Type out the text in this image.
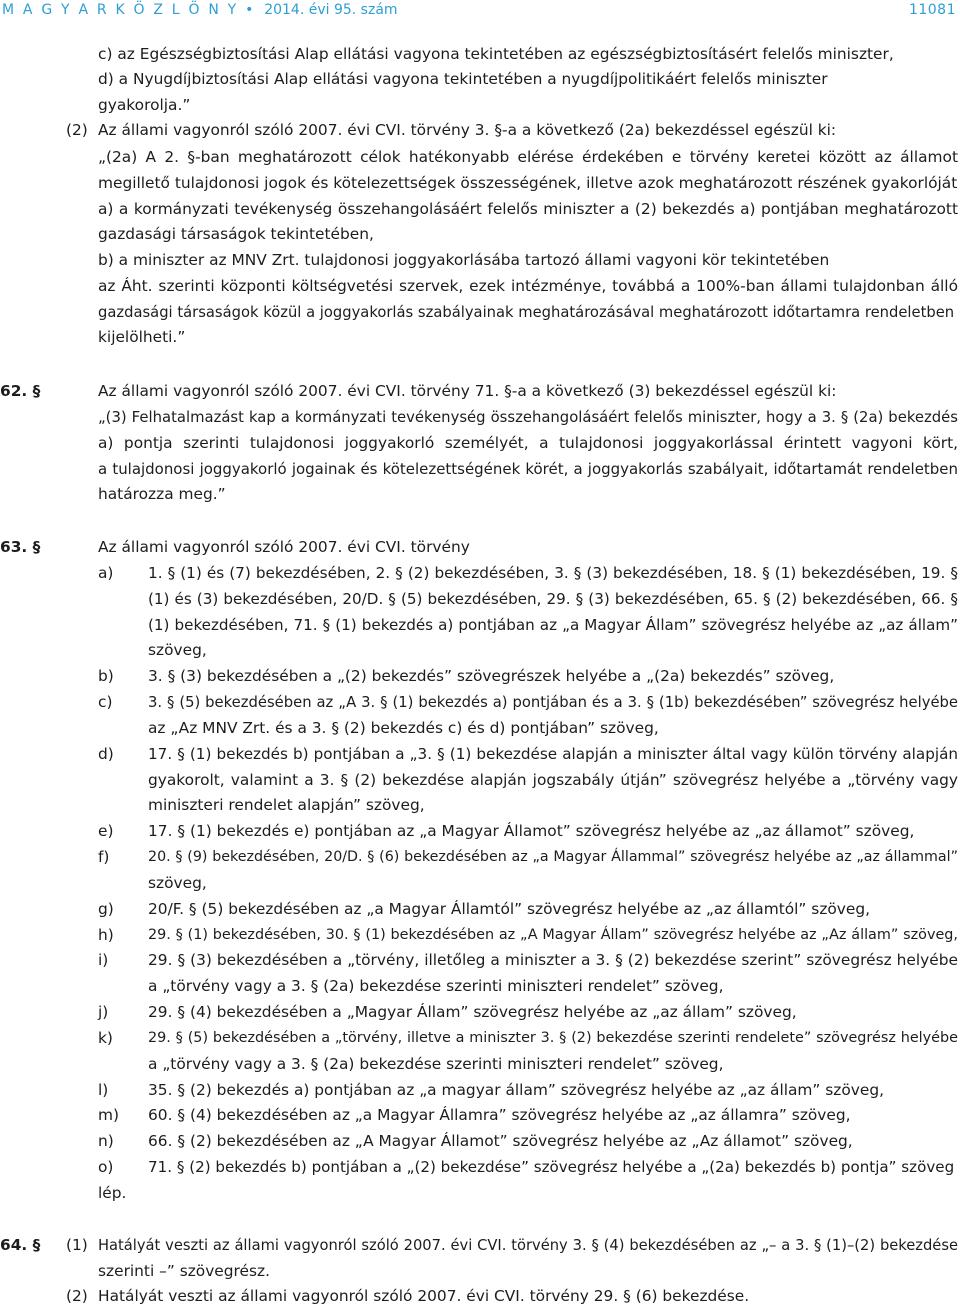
M A G Y A R K Ö Z L Ö N Y • 2014. évi 95. szám	11081
c) az Egészségbiztosítási Alap ellátási vagyona tekintetében az egészségbiztosításért felelős miniszter,
d) a Nyugdíjbiztosítási Alap ellátási vagyona tekintetében a nyugdíjpolitikáért felelős miniszter
gyakorolja.”
(2) Az állami vagyonról szóló 2007. évi CVI. törvény 3. §-a a következő (2a) bekezdéssel egészül ki:
„(2a) A 2. §-ban meghatározott célok hatékonyabb elérése érdekében e törvény keretei között az államot
megillető tulajdonosi jogok és kötelezettségek összességének, illetve azok meghatározott részének gyakorlóját
a) a kormányzati tevékenység összehangolásáért felelős miniszter a (2) bekezdés a) pontjában meghatározott
gazdasági társaságok tekintetében,
b) a miniszter az MNV Zrt. tulajdonosi joggyakorlásába tartozó állami vagyoni kör tekintetében
az Áht. szerinti központi költségvetési szervek, ezek intézménye, továbbá a 100%-ban állami tulajdonban álló
gazdasági társaságok közül a joggyakorlás szabályainak meghatározásával meghatározott időtartamra rendeletben
kijelölheti.”
62. §	Az állami vagyonról szóló 2007. évi CVI. törvény 71. §-a a következő (3) bekezdéssel egészül ki:
„(3) Felhatalmazást kap a kormányzati tevékenység összehangolásáért felelős miniszter, hogy a 3. § (2a) bekezdés
a) pontja szerinti tulajdonosi joggyakorló személyét, a tulajdonosi joggyakorlással érintett vagyoni kört,
a tulajdonosi joggyakorló jogainak és kötelezettségének körét, a joggyakorlás szabályait, időtartamát rendeletben
határozza meg.”
63. §	Az állami vagyonról szóló 2007. évi CVI. törvény
a)	1. § (1) és (7) bekezdésében, 2. § (2) bekezdésében, 3. § (3) bekezdésében, 18. § (1) bekezdésében, 19. §
(1) és (3) bekezdésében, 20/D. § (5) bekezdésében, 29. § (3) bekezdésében, 65. § (2) bekezdésében, 66. §
(1) bekezdésében, 71. § (1) bekezdés a) pontjában az „a Magyar Állam” szövegrész helyébe az „az állam”
szöveg,
b)	3. § (3) bekezdésében a „(2) bekezdés” szövegrészek helyébe a „(2a) bekezdés” szöveg,
c)	3. § (5) bekezdésében az „A 3. § (1) bekezdés a) pontjában és a 3. § (1b) bekezdésében” szövegrész helyébe
az „Az MNV Zrt. és a 3. § (2) bekezdés c) és d) pontjában” szöveg,
d)	17. § (1) bekezdés b) pontjában a „3. § (1) bekezdése alapján a miniszter által vagy külön törvény alapján
gyakorolt, valamint a 3. § (2) bekezdése alapján jogszabály útján” szövegrész helyébe a „törvény vagy
miniszteri rendelet alapján” szöveg,
e)	17. § (1) bekezdés e) pontjában az „a Magyar Államot” szövegrész helyébe az „az államot” szöveg,
f)	20. § (9) bekezdésében, 20/D. § (6) bekezdésében az „a Magyar Állammal” szövegrész helyébe az „az állammal”
szöveg,
g)	20/F. § (5) bekezdésében az „a Magyar Államtól” szövegrész helyébe az „az államtól” szöveg,
h)	29. § (1) bekezdésében, 30. § (1) bekezdésében az „A Magyar Állam” szövegrész helyébe az „Az állam” szöveg,
i)	29. § (3) bekezdésében a „törvény, illetőleg a miniszter a 3. § (2) bekezdése szerint” szövegrész helyébe
a „törvény vagy a 3. § (2a) bekezdése szerinti miniszteri rendelet” szöveg,
j)	29. § (4) bekezdésében a „Magyar Állam” szövegrész helyébe az „az állam” szöveg,
k)	29. § (5) bekezdésében a „törvény, illetve a miniszter 3. § (2) bekezdése szerinti rendelete” szövegrész helyébe
a „törvény vagy a 3. § (2a) bekezdése szerinti miniszteri rendelet” szöveg,
l)	35. § (2) bekezdés a) pontjában az „a magyar állam” szövegrész helyébe az „az állam” szöveg,
m)	60. § (4) bekezdésében az „a Magyar Államra” szövegrész helyébe az „az államra” szöveg,
n)	66. § (2) bekezdésében az „A Magyar Államot” szövegrész helyébe az „Az államot” szöveg,
o)	71. § (2) bekezdés b) pontjában a „(2) bekezdése” szövegrész helyébe a „(2a) bekezdés b) pontja” szöveg
lép.
64. §	(1) Hatályát veszti az állami vagyonról szóló 2007. évi CVI. törvény 3. § (4) bekezdésében az „– a 3. § (1)–(2) bekezdése
szerinti –” szövegrész.
(2) Hatályát veszti az állami vagyonról szóló 2007. évi CVI. törvény 29. § (6) bekezdése.
